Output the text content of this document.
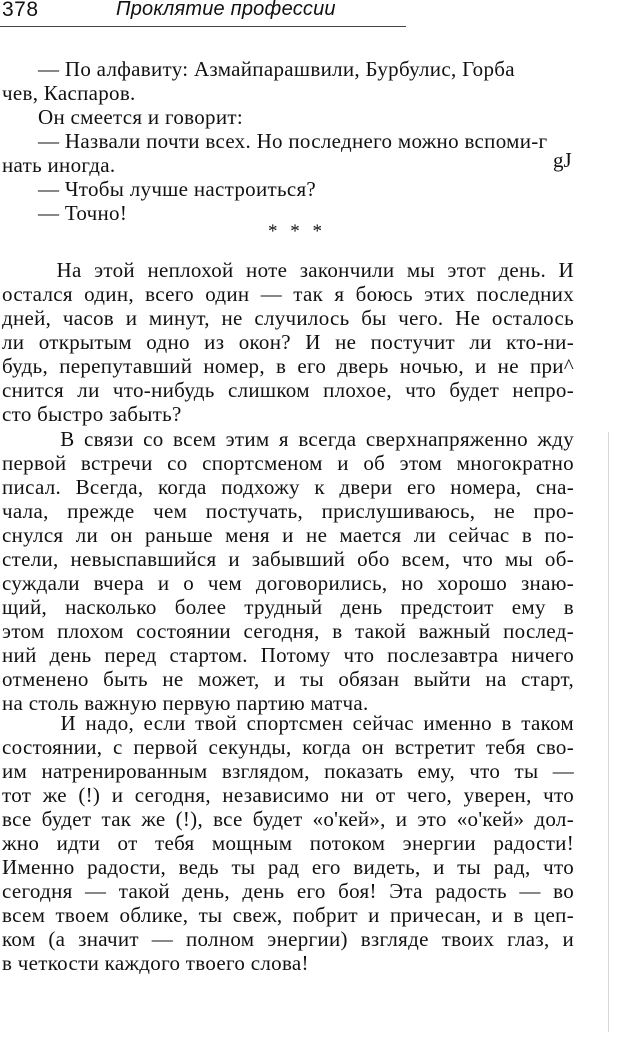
378	Проклятие профессии
— По алфавиту: Азмайпарашвили, Бурбулис, Горба
чев, Каспаров.
Он смеется и говорит:
— Назвали почти всех. Но последнего можно вспоми-г
нать иногда.
— Чтобы лучше настроиться?
— Точно!
gJ
* * *
На этой неплохой ноте закончили мы этот день. И
остался один, всего один — так я боюсь этих последних
дней, часов и минут, не случилось бы чего. Не осталось
ли открытым одно из окон? И не постучит ли кто-ни-
будь, перепутавший номер, в его дверь ночью, и не при^
снится ли что-нибудь слишком плохое, что будет непро-
сто быстро забыть?
В связи со всем этим я всегда сверхнапряженно жду
первой встречи со спортсменом и об этом многократно
писал. Всегда, когда подхожу к двери его номера, сна-
чала, прежде чем постучать, прислушиваюсь, не про-
снулся ли он раньше меня и не мается ли сейчас в по-
стели, невыспавшийся и забывший обо всем, что мы об-
суждали вчера и о чем договорились, но хорошо знаю-
щий, насколько более трудный день предстоит ему в
этом плохом состоянии сегодня, в такой важный послед-
ний день перед стартом. Потому что послезавтра ничего
отменено быть не может, и ты обязан выйти на старт,
на столь важную первую партию матча.
И надо, если твой спортсмен сейчас именно в таком
состоянии, с первой секунды, когда он встретит тебя сво-
им натренированным взглядом, показать ему, что ты —
тот же (!) и сегодня, независимо ни от чего, уверен, что
все будет так же (!), все будет «о'кей», и это «о'кей» дол-
жно идти от тебя мощным потоком энергии радости!
Именно радости, ведь ты рад его видеть, и ты рад, что
сегодня — такой день, день его боя! Эта радость — во
всем твоем облике, ты свеж, побрит и причесан, и в цеп-
ком (а значит — полном энергии) взгляде твоих глаз, и
в четкости каждого твоего слова!
